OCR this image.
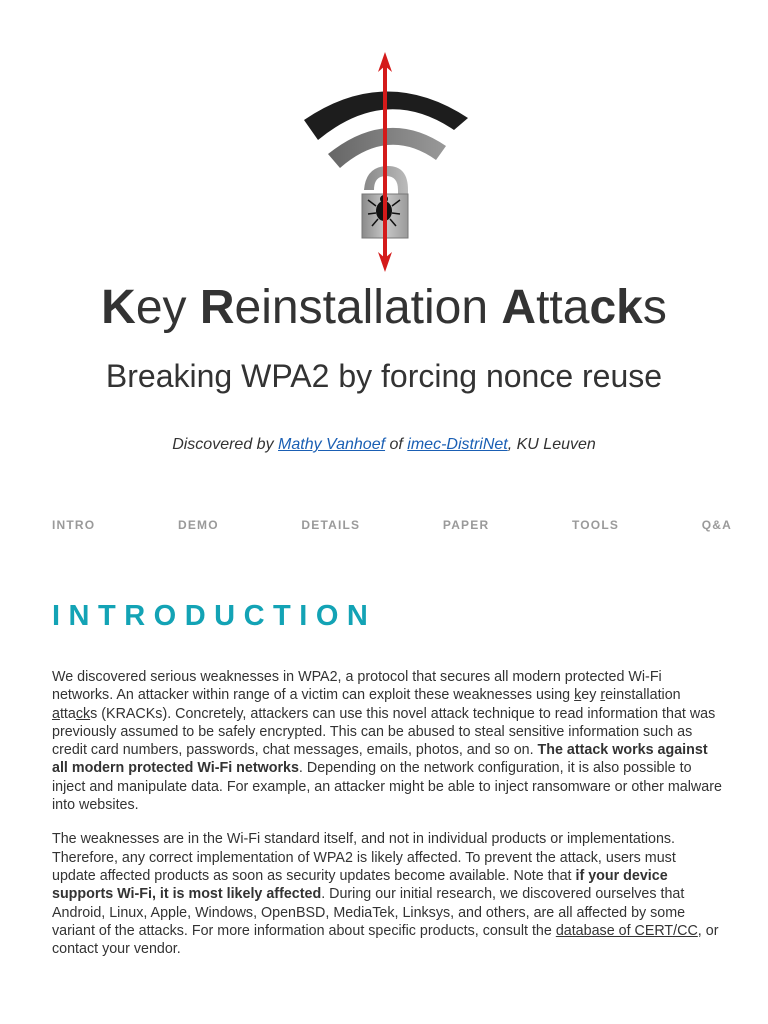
Key Reinstallation Attacks
Breaking WPA2 by forcing nonce reuse
Discovered by Mathy Vanhoef of imec-DistriNet, KU Leuven
INTRO	DEMO	DETAILS	PAPER	TOOLS	Q&A
INTRODUCTION

We discovered serious weaknesses in WPA2, a protocol that secures all modern protected Wi-Fi networks. An attacker within range of a victim can exploit these weaknesses using key reinstallation attacks (KRACKs). Concretely, attackers can use this novel attack technique to read information that was previously assumed to be safely encrypted. This can be abused to steal sensitive information such as credit card numbers, passwords, chat messages, emails, photos, and so on. The attack works against all modern protected Wi-Fi networks. Depending on the network configuration, it is also possible to inject and manipulate data. For example, an attacker might be able to inject ransomware or other malware into websites.

The weaknesses are in the Wi-Fi standard itself, and not in individual products or implementations. Therefore, any correct implementation of WPA2 is likely affected. To prevent the attack, users must update affected products as soon as security updates become available. Note that if your device supports Wi-Fi, it is most likely affected. During our initial research, we discovered ourselves that Android, Linux, Apple, Windows, OpenBSD, MediaTek, Linksys, and others, are all affected by some variant of the attacks. For more information about specific products, consult the database of CERT/CC, or contact your vendor.
